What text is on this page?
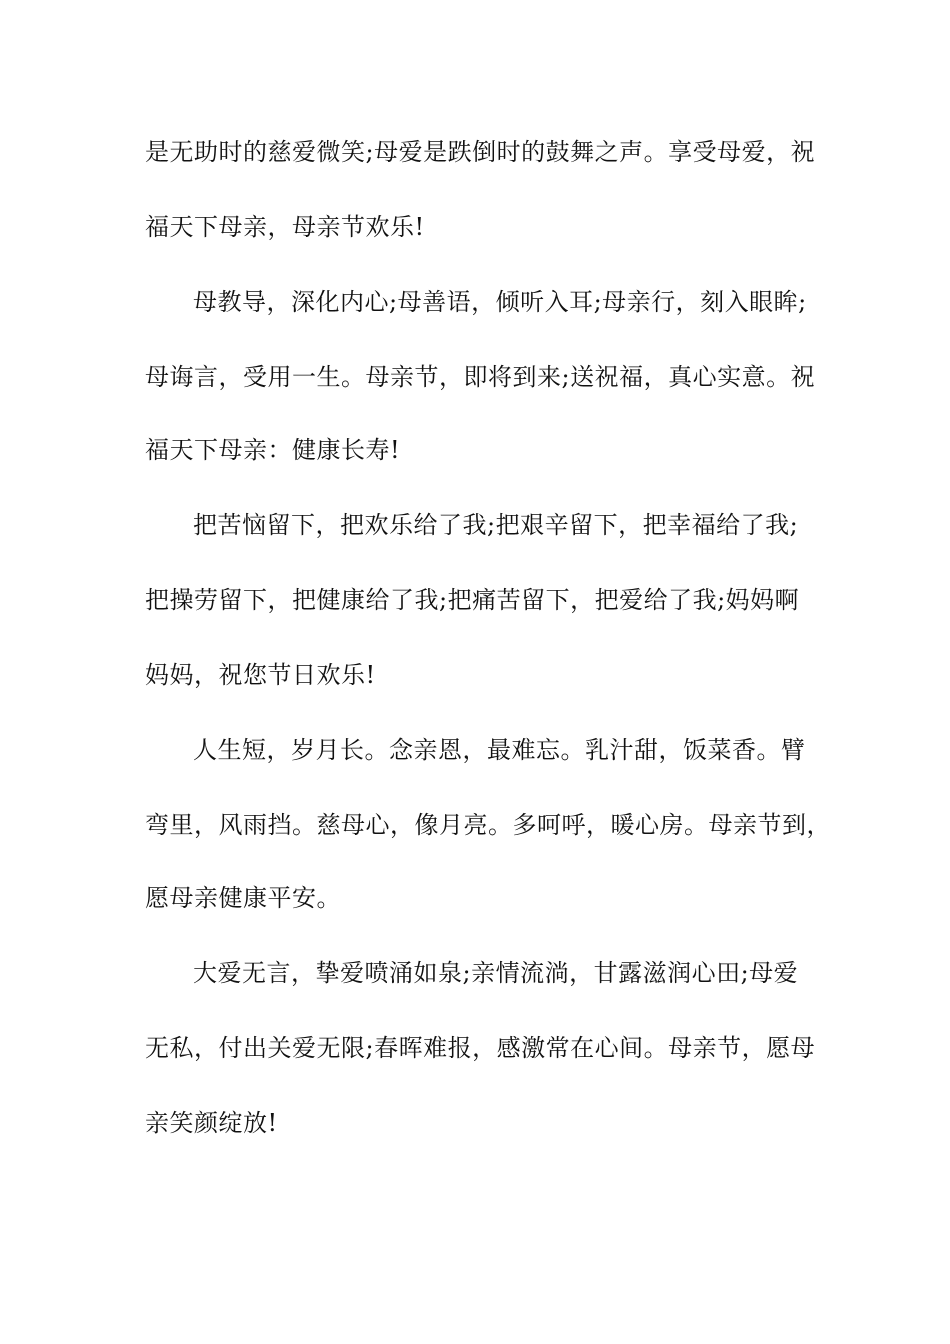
是无助时的慈爱微笑;母爱是跌倒时的鼓舞之声。享受母爱，祝
福天下母亲，母亲节欢乐!
母教导，深化内心;母善语，倾听入耳;母亲行，刻入眼眸;
母诲言，受用一生。母亲节，即将到来;送祝福，真心实意。祝
福天下母亲：健康长寿!
把苦恼留下，把欢乐给了我;把艰辛留下，把幸福给了我;
把操劳留下，把健康给了我;把痛苦留下，把爱给了我;妈妈啊
妈妈，祝您节日欢乐!
人生短，岁月长。念亲恩，最难忘。乳汁甜，饭菜香。臂
弯里，风雨挡。慈母心，像月亮。多呵呼，暖心房。母亲节到，
愿母亲健康平安。
大爱无言，挚爱喷涌如泉;亲情流淌，甘露滋润心田;母爱
无私，付出关爱无限;春晖难报，感激常在心间。母亲节，愿母
亲笑颜绽放!
